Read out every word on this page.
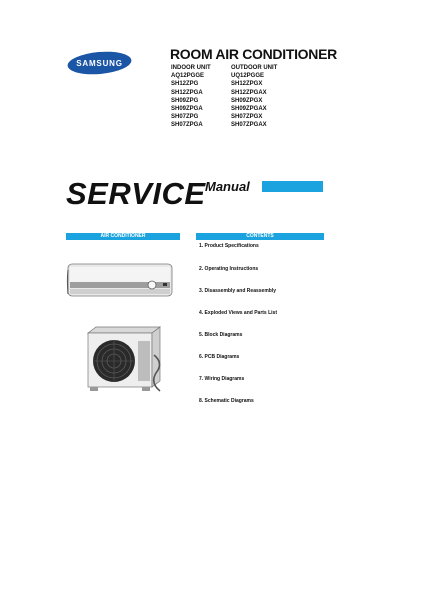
SAMSUNG
ROOM AIR CONDITIONER
INDOOR UNIT
AQ12PGGE
SH12ZPG
SH12ZPGA
SH09ZPG
SH09ZPGA
SH07ZPG
SH07ZPGA
OUTDOOR UNIT
UQ12PGGE
SH12ZPGX
SH12ZPGAX
SH09ZPGX
SH09ZPGAX
SH07ZPGX
SH07ZPGAX
SERVICE Manual
AIR CONDITIONER	CONTENTS
1. Product Specifications
2. Operating Instructions
3. Disassembly and Reassembly
4. Exploded Views and Parts List
5. Block Diagrams
6. PCB Diagrams
7. Wiring Diagrams
8. Schematic Diagrams
